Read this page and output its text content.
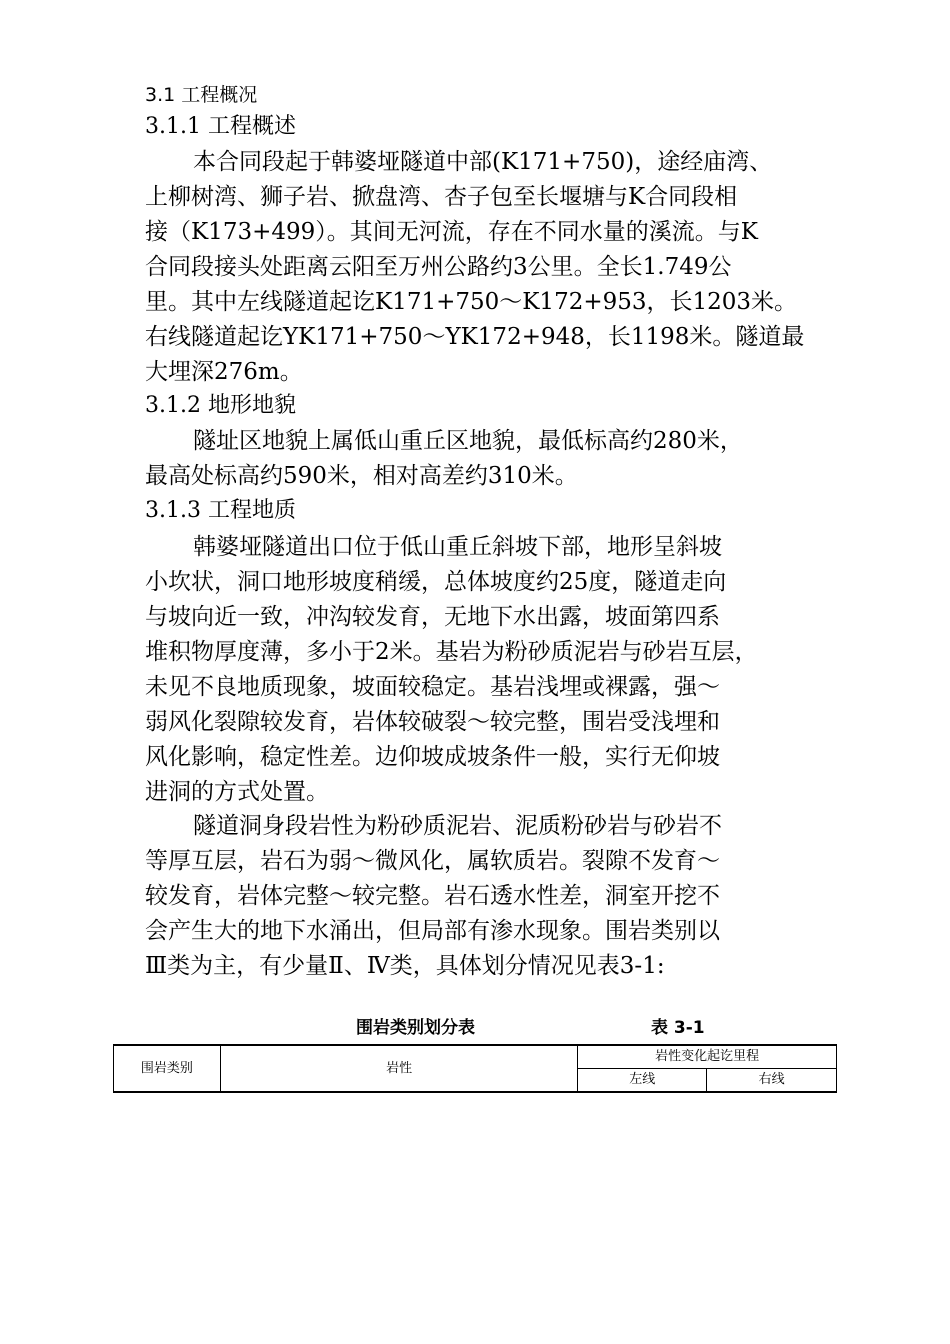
3.1 工程概况
3.1.1 工程概述
本合同段起于韩婆垭隧道中部(K171+750)，途经庙湾、
上柳树湾、狮子岩、掀盘湾、杏子包至长堰塘与K合同段相
接（K173+499）。其间无河流，存在不同水量的溪流。与K
合同段接头处距离云阳至万州公路约3公里。全长1.749公
里。其中左线隧道起讫K171+750～K172+953，长1203米。
右线隧道起讫YK171+750～YK172+948，长1198米。隧道最
大埋深276m。
3.1.2 地形地貌
隧址区地貌上属低山重丘区地貌，最低标高约280米，
最高处标高约590米，相对高差约310米。
3.1.3 工程地质
韩婆垭隧道出口位于低山重丘斜坡下部，地形呈斜坡
小坎状，洞口地形坡度稍缓，总体坡度约25度，隧道走向
与坡向近一致，冲沟较发育，无地下水出露，坡面第四系
堆积物厚度薄，多小于2米。基岩为粉砂质泥岩与砂岩互层，
未见不良地质现象，坡面较稳定。基岩浅埋或裸露，强～
弱风化裂隙较发育，岩体较破裂～较完整，围岩受浅埋和
风化影响，稳定性差。边仰坡成坡条件一般，实行无仰坡
进洞的方式处置。
隧道洞身段岩性为粉砂质泥岩、泥质粉砂岩与砂岩不
等厚互层，岩石为弱～微风化，属软质岩。裂隙不发育～
较发育，岩体完整～较完整。岩石透水性差，洞室开挖不
会产生大的地下水涌出，但局部有渗水现象。围岩类别以
Ⅲ类为主，有少量Ⅱ、Ⅳ类，具体划分情况见表3-1:
围岩类别划分表	表 3-1
围岩类别	岩性	岩性变化起讫里程	
		左线	右线
